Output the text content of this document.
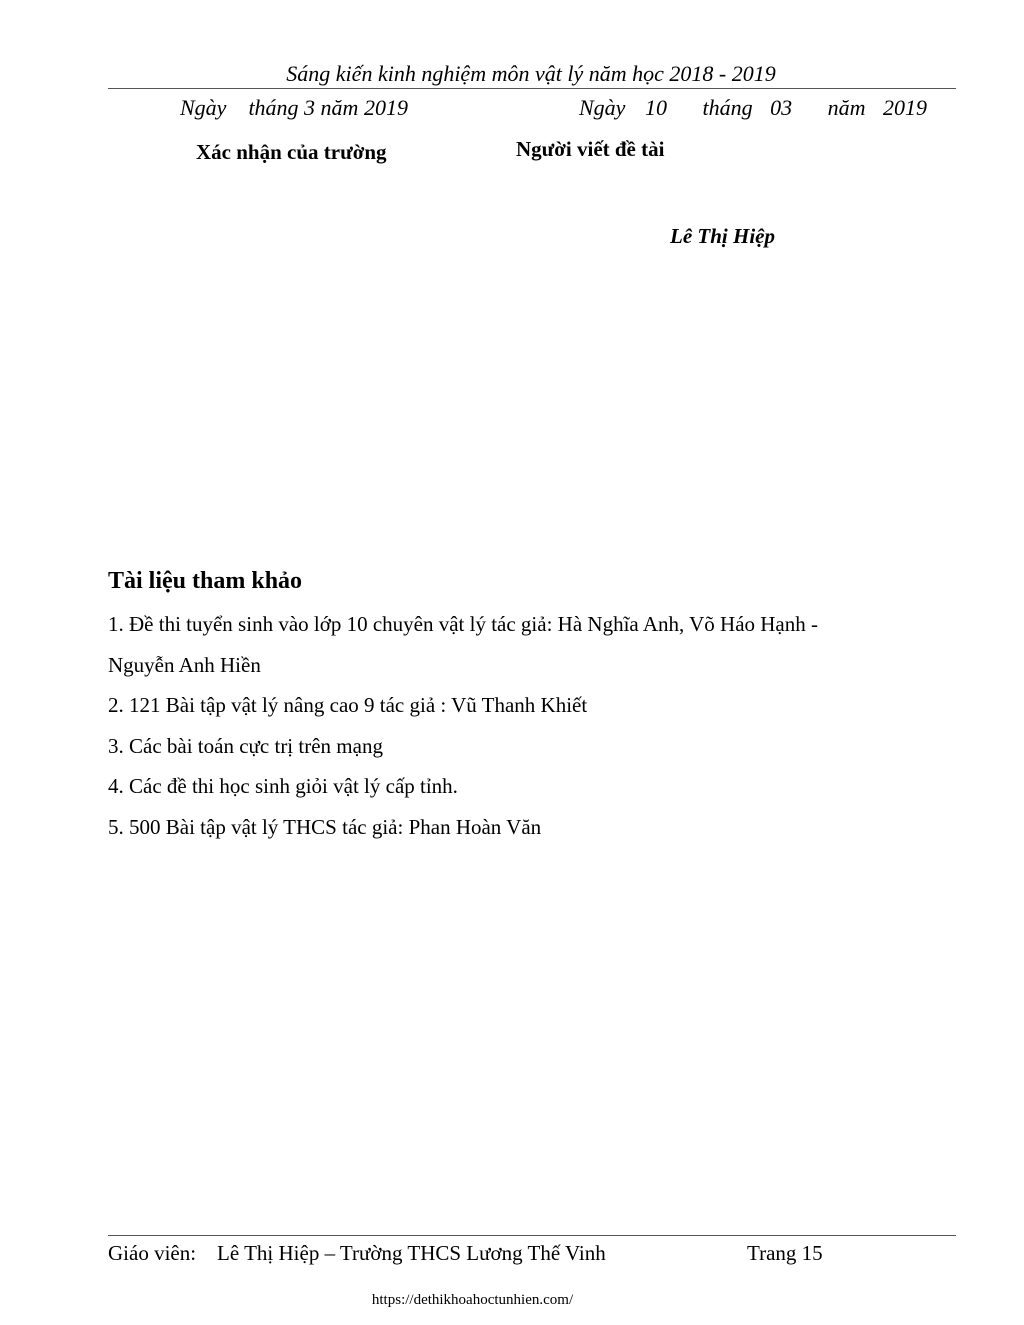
Sáng kiến kinh nghiệm môn vật lý năm học 2018 - 2019
Ngày    tháng 3 năm 2019	Ngày 10 tháng 03 năm 2019
Xác nhận của trường	Người viết đề tài
Lê Thị Hiệp
Tài liệu tham khảo
1. Đề thi tuyển sinh vào lớp 10 chuyên vật lý tác giả: Hà Nghĩa Anh, Võ Háo Hạnh -
Nguyễn Anh Hiền
2. 121 Bài tập vật lý nâng cao 9 tác giả : Vũ Thanh Khiết
3. Các bài toán cực trị trên mạng
4. Các đề thi học sinh giỏi vật lý cấp tỉnh.
5. 500 Bài tập vật lý THCS tác giả: Phan Hoàn Văn
Giáo viên:    Lê Thị Hiệp – Trường THCS Lương Thế Vinh	Trang 15
https://dethikhoahoctunhien.com/
